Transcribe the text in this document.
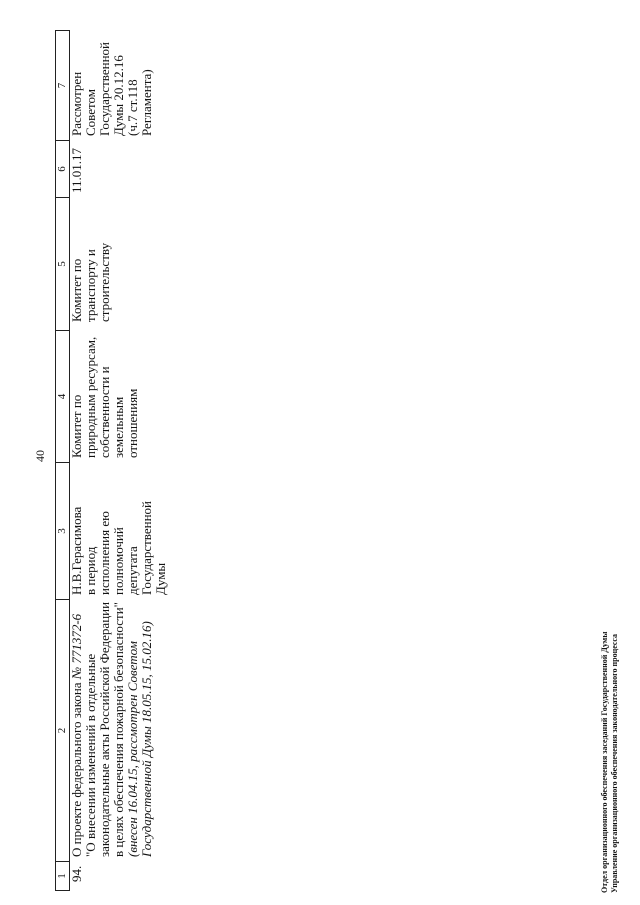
40
1
2
3
4
5
6
7
94.
О проекте федерального закона № 771372-6
"О внесении изменений в отдельные законодательные акты Российской Федерации в целях обеспечения пожарной безопасности" (внесен 16.04.15, рассмотрен Советом Государственной Думы 18.05.15, 15.02.16)
Н.В.Герасимова в период исполнения ею полномочий депутата Государственной Думы
Комитет по природным ресурсам, собственности и земельным отношениям
Комитет по транспорту и строительству
11.01.17
Рассмотрен Советом Государственной Думы 20.12.16 (ч.7 ст.118 Регламента)
Отдел организационного обеспечения заседаний Государственной Думы Управление организационного обеспечения законодательного процесса
